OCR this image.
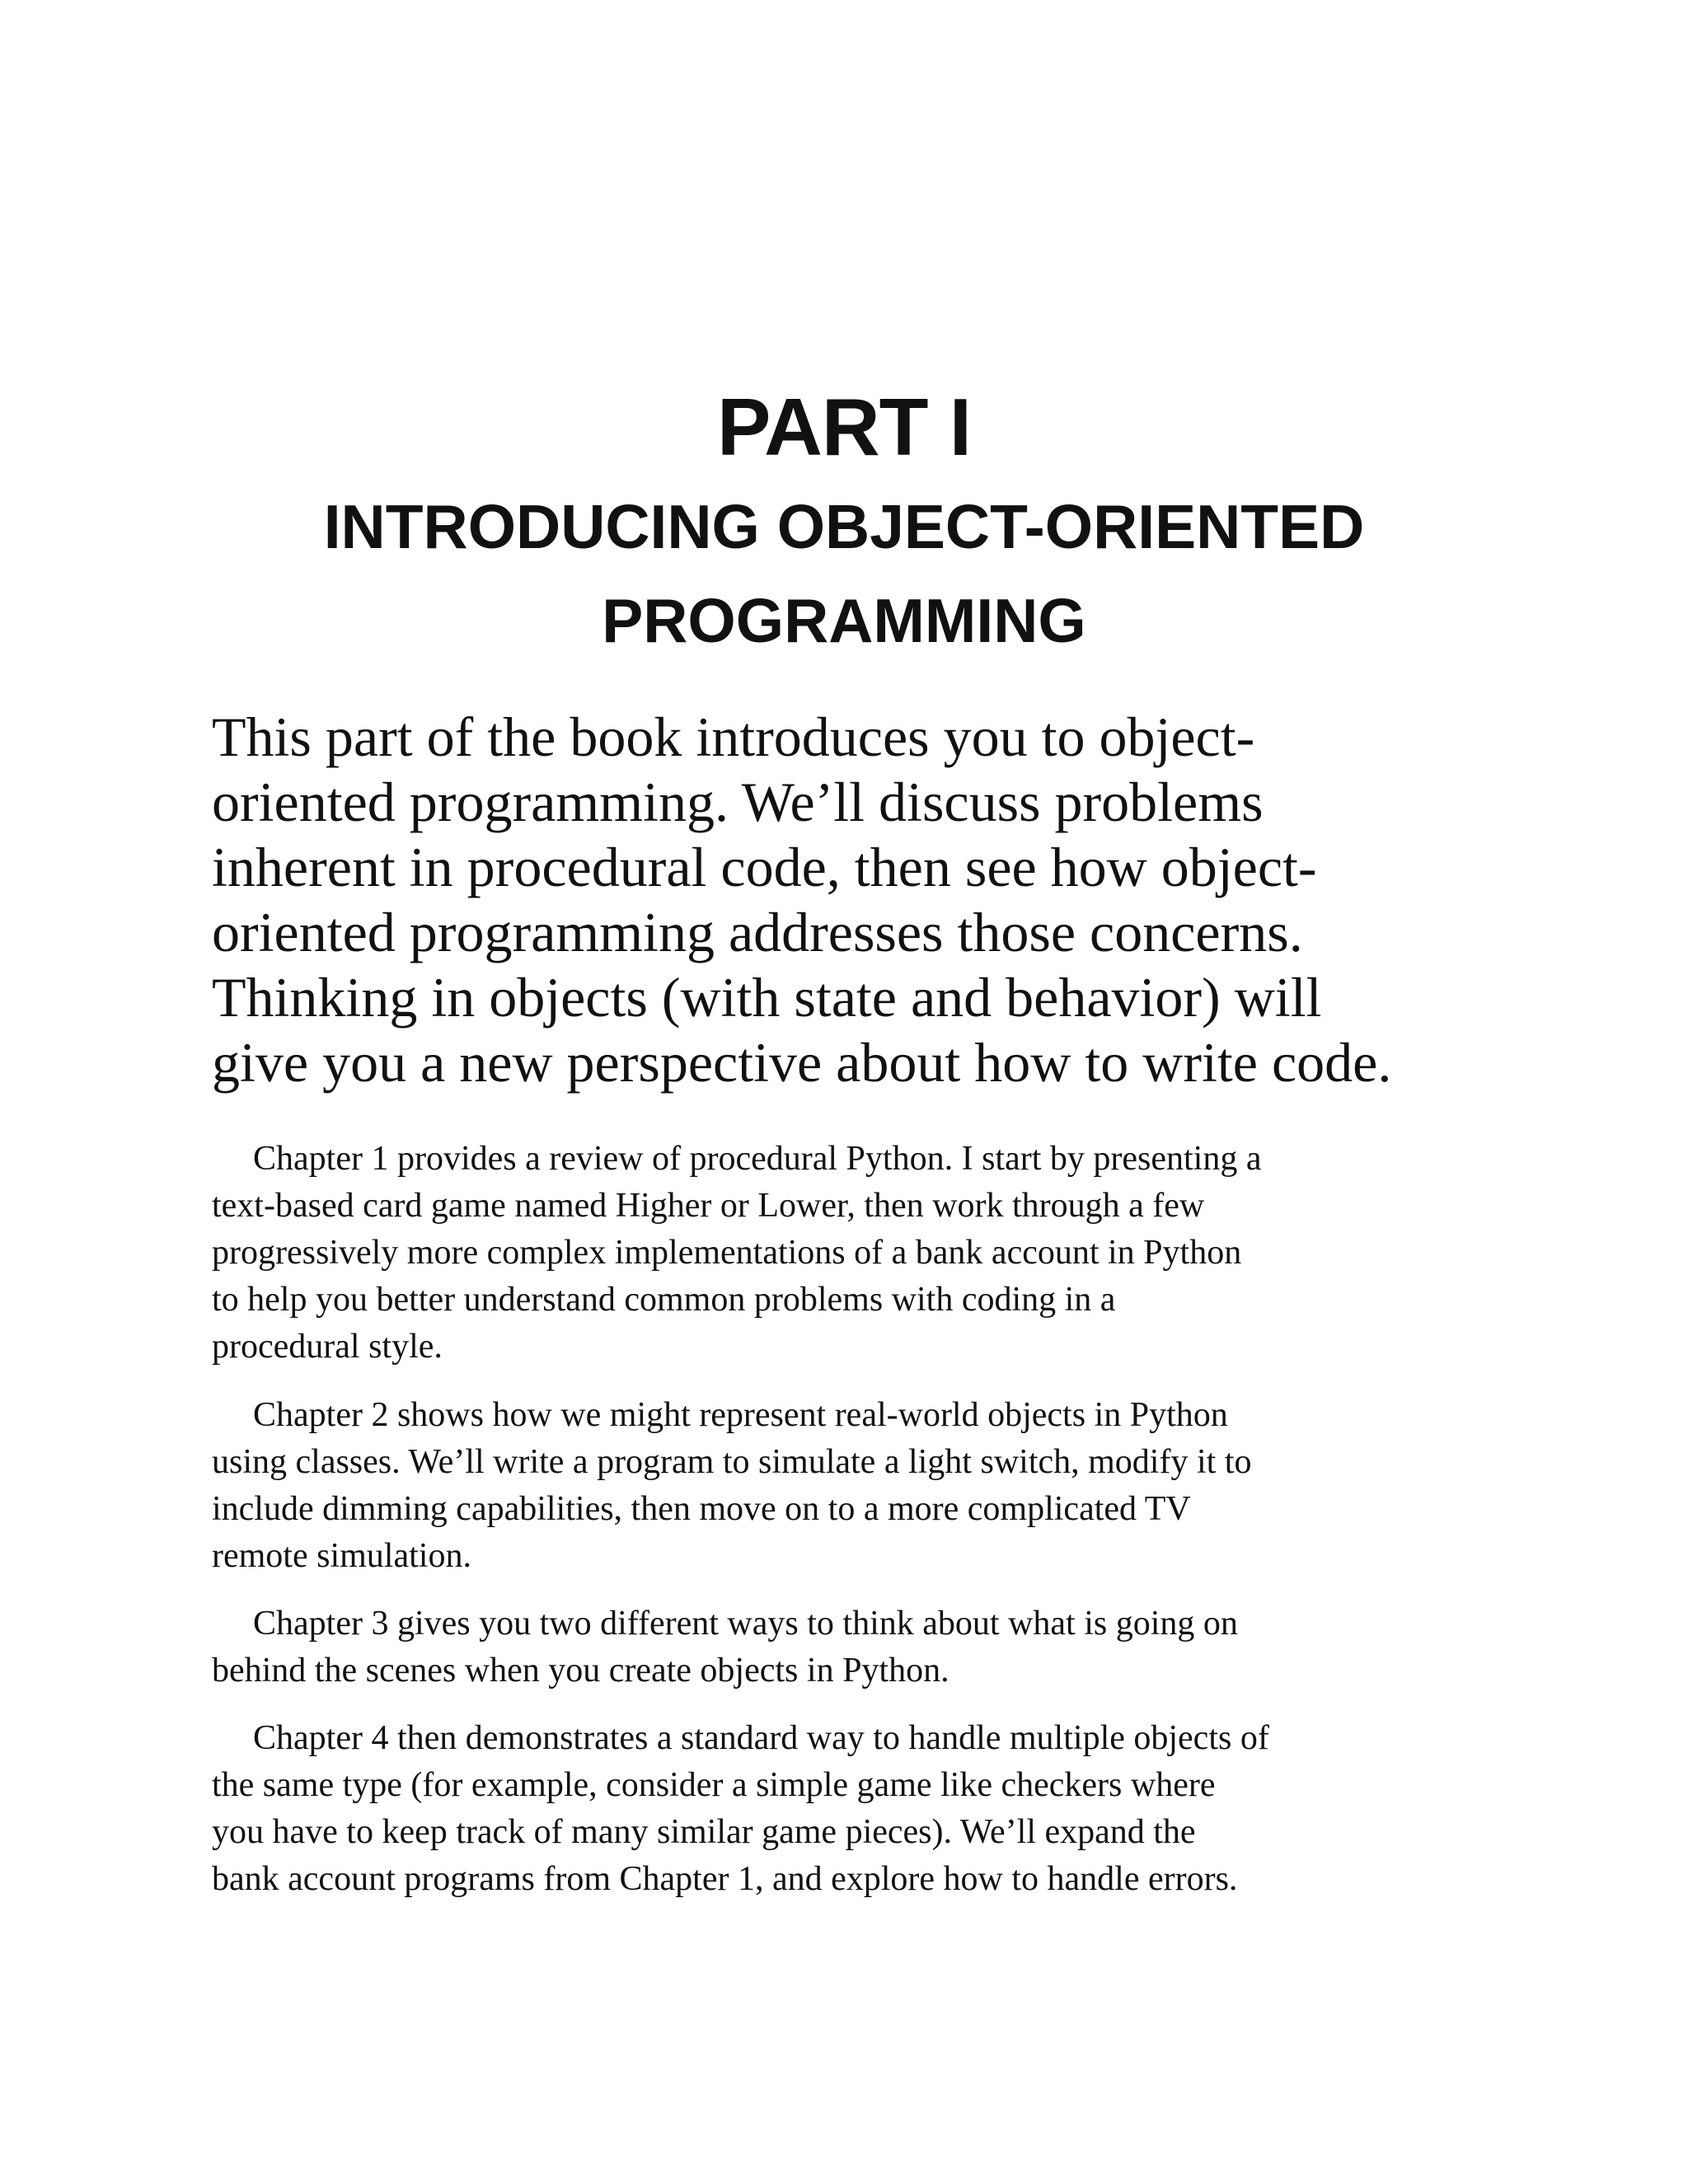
PART I
INTRODUCING OBJECT-ORIENTED PROGRAMMING

This part of the book introduces you to object-
oriented programming. We’ll discuss problems
inherent in procedural code, then see how object-
oriented programming addresses those concerns.
Thinking in objects (with state and behavior) will
give you a new perspective about how to write code.

Chapter 1 provides a review of procedural Python. I start by presenting a
text-based card game named Higher or Lower, then work through a few
progressively more complex implementations of a bank account in Python
to help you better understand common problems with coding in a
procedural style.

Chapter 2 shows how we might represent real-world objects in Python
using classes. We’ll write a program to simulate a light switch, modify it to
include dimming capabilities, then move on to a more complicated TV
remote simulation.

Chapter 3 gives you two different ways to think about what is going on
behind the scenes when you create objects in Python.

Chapter 4 then demonstrates a standard way to handle multiple objects of
the same type (for example, consider a simple game like checkers where
you have to keep track of many similar game pieces). We’ll expand the
bank account programs from Chapter 1, and explore how to handle errors.
